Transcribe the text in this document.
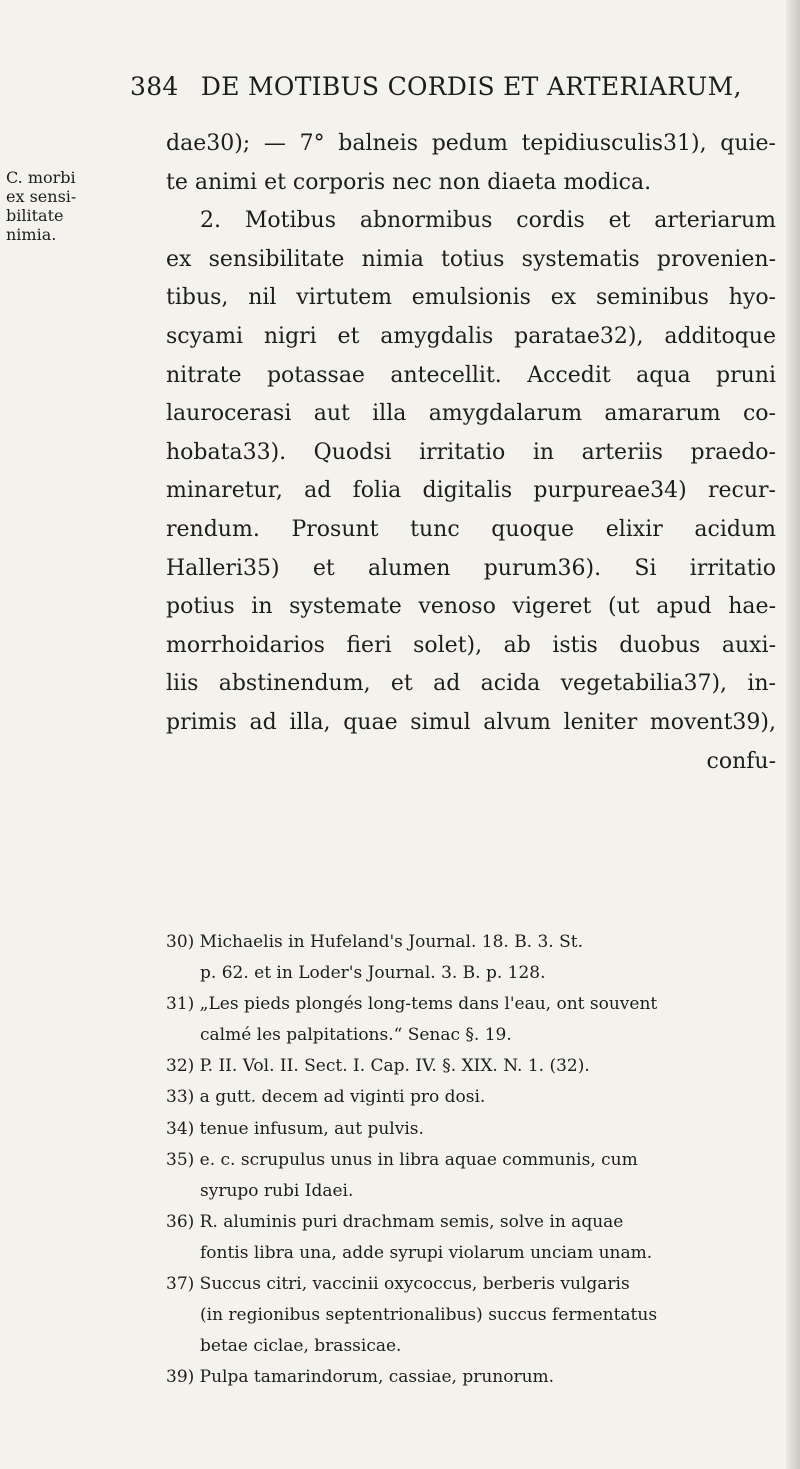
384 DE MOTIBUS CORDIS ET ARTERIARUM,
C. morbi
ex sensi-
bilitate
nimia.
dae30); — 7° balneis pedum tepidiusculis31), quie-
te animi et corporis nec non diaeta modica.
2. Motibus abnormibus cordis et arteriarum
ex sensibilitate nimia totius systematis provenien-
tibus, nil virtutem emulsionis ex seminibus hyo-
scyami nigri et amygdalis paratae32), additoque
nitrate potassae antecellit. Accedit aqua pruni
laurocerasi aut illa amygdalarum amararum co-
hobata33). Quodsi irritatio in arteriis praedo-
minaretur, ad folia digitalis purpureae34) recur-
rendum. Prosunt tunc quoque elixir acidum
Halleri35) et alumen purum36). Si irritatio
potius in systemate venoso vigeret (ut apud hae-
morrhoidarios fieri solet), ab istis duobus auxi-
liis abstinendum, et ad acida vegetabilia37), in-
primis ad illa, quae simul alvum leniter movent39),
confu-
30) Michaelis in Hufeland's Journal. 18. B. 3. St.
p. 62. et in Loder's Journal. 3. B. p. 128.
31) „Les pieds plongés long-tems dans l'eau, ont souvent
calmé les palpitations.“ Senac §. 19.
32) P. II. Vol. II. Sect. I. Cap. IV. §. XIX. N. 1. (32).
33) a gutt. decem ad viginti pro dosi.
34) tenue infusum, aut pulvis.
35) e. c. scrupulus unus in libra aquae communis, cum
syrupo rubi Idaei.
36) R. aluminis puri drachmam semis, solve in aquae
fontis libra una, adde syrupi violarum unciam unam.
37) Succus citri, vaccinii oxycoccus, berberis vulgaris
(in regionibus septentrionalibus) succus fermentatus
betae ciclae, brassicae.
39) Pulpa tamarindorum, cassiae, prunorum.
